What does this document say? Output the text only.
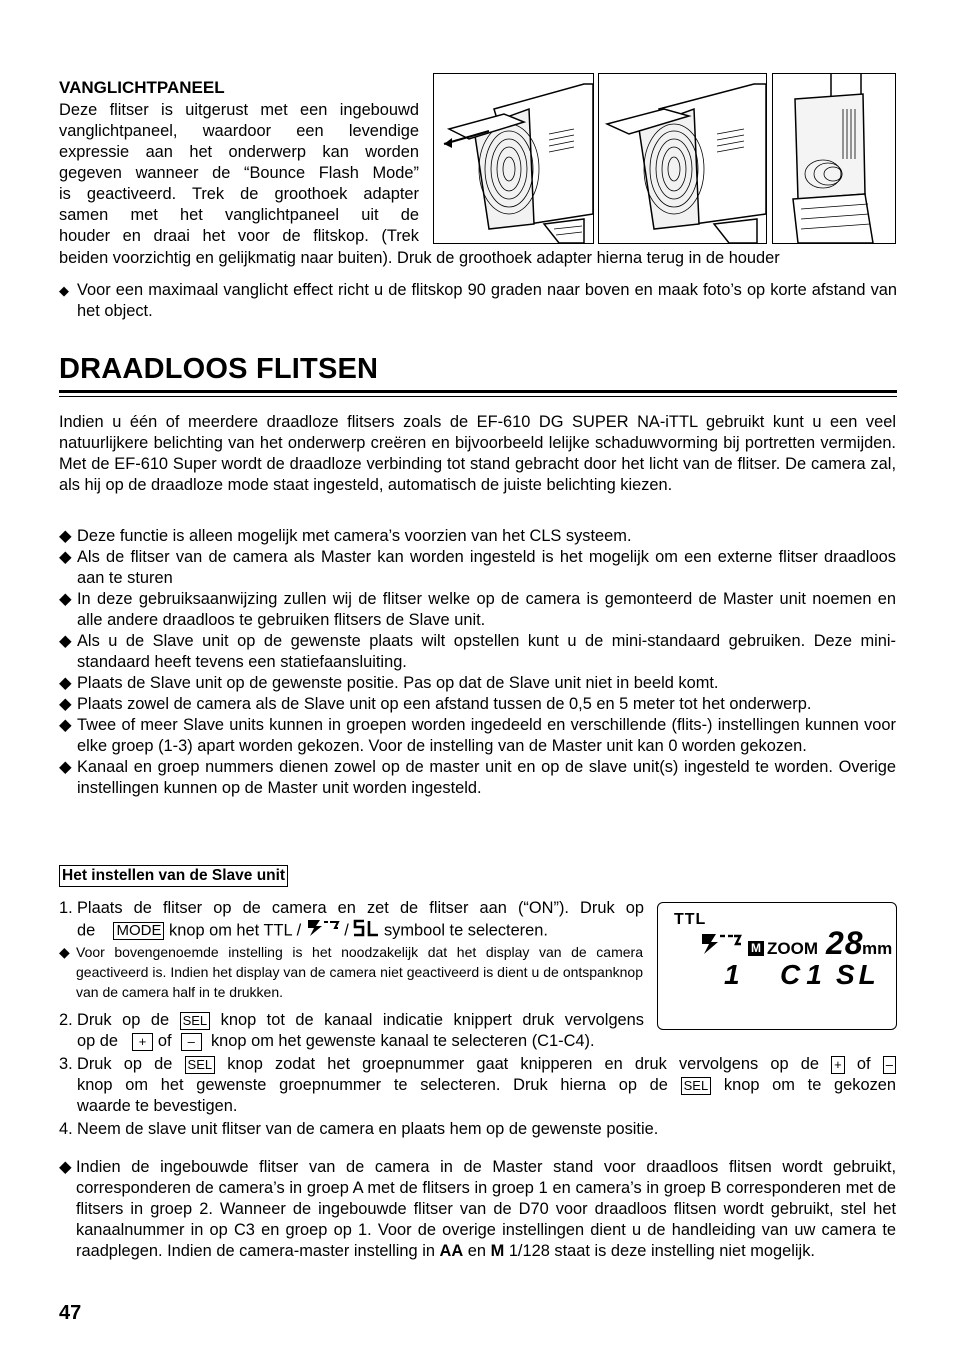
VANGLICHTPANEEL
Deze flitser is uitgerust met een ingebouwd
vanglichtpaneel, waardoor een levendige
expressie aan het onderwerp kan worden
gegeven wanneer de “Bounce Flash Mode”
is geactiveerd. Trek de groothoek adapter
samen met het vanglichtpaneel uit de
houder en draai het voor de flitskop. (Trek
beiden voorzichtig en gelijkmatig naar buiten). Druk de groothoek adapter hierna terug in de houder
◆ Voor een maximaal vanglicht effect richt u de flitskop 90 graden naar boven en maak foto’s op korte afstand van het object.
DRAADLOOS FLITSEN
Indien u één of meerdere draadloze flitsers zoals de EF-610 DG SUPER NA-iTTL gebruikt kunt u een veel natuurlijkere belichting van het onderwerp creëren en bijvoorbeeld lelijke schaduwvorming bij portretten vermijden. Met de EF-610 Super wordt de draadloze verbinding tot stand gebracht door het licht van de flitser. De camera zal, als hij op de draadloze mode staat ingesteld, automatisch de juiste belichting kiezen.
◆ Deze functie is alleen mogelijk met camera’s voorzien van het CLS systeem.
◆ Als de flitser van de camera als Master kan worden ingesteld is het mogelijk om een externe flitser draadloos aan te sturen
◆ In deze gebruiksaanwijzing zullen wij de flitser welke op de camera is gemonteerd de Master unit noemen en alle andere draadloos te gebruiken flitsers de Slave unit.
◆ Als u de Slave unit op de gewenste plaats wilt opstellen kunt u de mini-standaard gebruiken. Deze mini-standaard heeft tevens een statiefaansluiting.
◆ Plaats de Slave unit op de gewenste positie. Pas op dat de Slave unit niet in beeld komt.
◆ Plaats zowel de camera als de Slave unit op een afstand tussen de 0,5 en 5 meter tot het onderwerp.
◆ Twee of meer Slave units kunnen in groepen worden ingedeeld en verschillende (flits-) instellingen kunnen voor elke groep (1-3) apart worden gekozen. Voor de instelling van de Master unit kan 0 worden gekozen.
◆ Kanaal en groep nummers dienen zowel op de master unit en op de slave unit(s) ingesteld te worden. Overige instellingen kunnen op de Master unit worden ingesteld.
Het instellen van de Slave unit
1. Plaats de flitser op de camera en zet de flitser aan (“ON”). Druk op
de MODE knop om het TTL /	/ symbool te selecteren.
◆ Voor bovengenoemde instelling is het noodzakelijk dat het display van de camera geactiveerd is. Indien het display van de camera niet geactiveerd is dient u de ontspanknop van de camera half in te drukken.
TTL
M ZOOM 28
mm
1 C1 SL
2. Druk op de SEL knop tot de kanaal indicatie knippert druk vervolgens
op de + of – knop om het gewenste kanaal te selecteren (C1-C4).
3. Druk op de SEL knop zodat het groepnummer gaat knipperen en druk vervolgens op de + of –
knop om het gewenste groepnummer te selecteren. Druk hierna op de SEL knop om te gekozen
waarde te bevestigen.
4. Neem de slave unit flitser van de camera en plaats hem op de gewenste positie.
◆ Indien de ingebouwde flitser van de camera in de Master stand voor draadloos flitsen wordt gebruikt, corresponderen de camera’s in groep A met de flitsers in groep 1 en camera’s in groep B corresponderen met de flitsers in groep 2. Wanneer de ingebouwde flitser van de D70 voor draadloos flitsen wordt gebruikt, stel het kanaalnummer in op C3 en groep op 1. Voor de overige instellingen dient u de handleiding van uw camera te raadplegen. Indien de camera-master instelling in AA en M 1/128 staat is deze instelling niet mogelijk.
47
